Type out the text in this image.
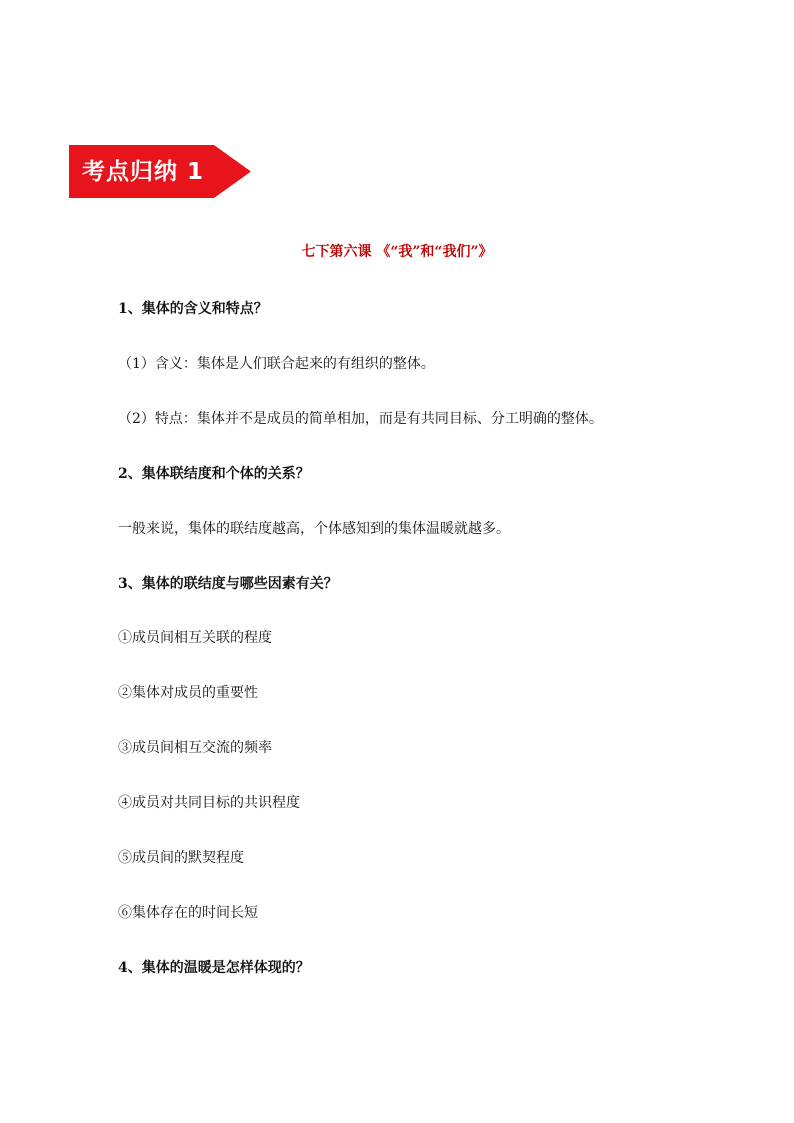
考点归纳 1
七下第六课 《“我”和“我们”》
1、集体的含义和特点？
（1）含义：集体是人们联合起来的有组织的整体。
（2）特点：集体并不是成员的简单相加，而是有共同目标、分工明确的整体。
2、集体联结度和个体的关系？
一般来说，集体的联结度越高，个体感知到的集体温暖就越多。
3、集体的联结度与哪些因素有关？
①成员间相互关联的程度
②集体对成员的重要性
③成员间相互交流的频率
④成员对共同目标的共识程度
⑤成员间的默契程度
⑥集体存在的时间长短
4、集体的温暖是怎样体现的？
